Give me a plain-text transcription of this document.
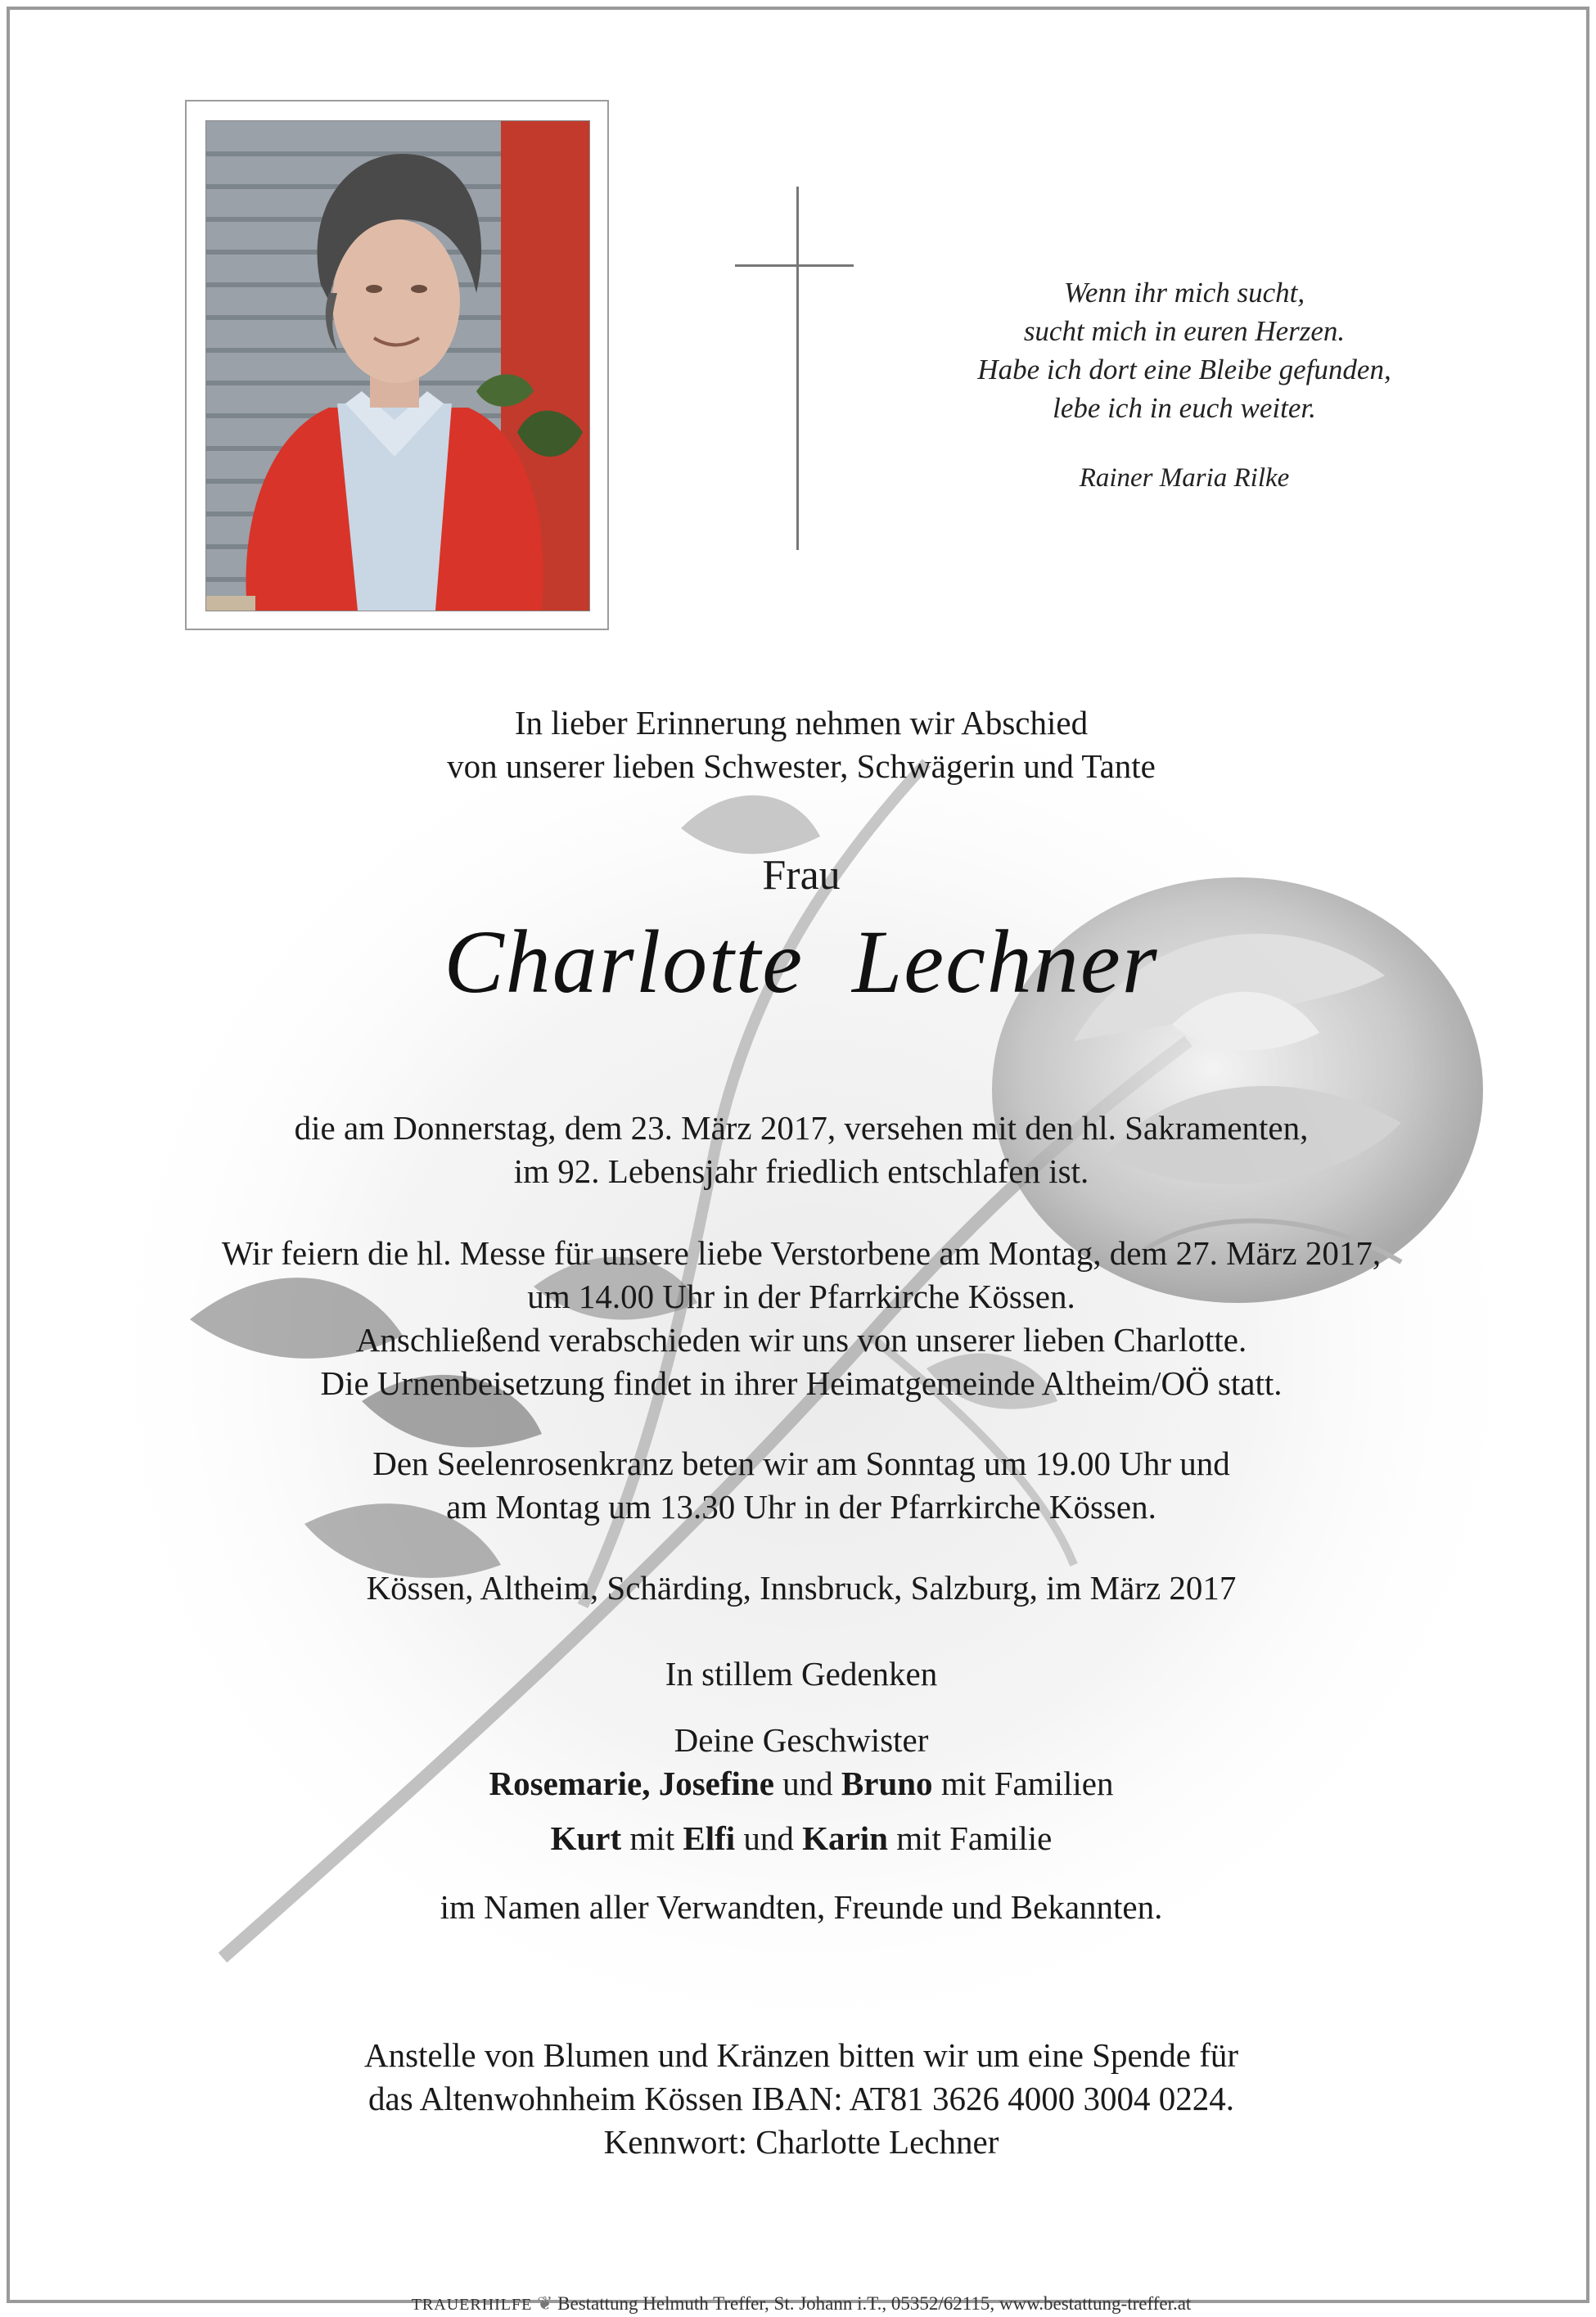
Wenn ihr mich sucht,
sucht mich in euren Herzen.
Habe ich dort eine Bleibe gefunden,
lebe ich in euch weiter.
Rainer Maria Rilke
In lieber Erinnerung nehmen wir Abschied
von unserer lieben Schwester, Schwägerin und Tante
Frau
Charlotte  Lechner
die am Donnerstag, dem 23. März 2017, versehen mit den hl. Sakramenten,
im 92. Lebensjahr friedlich entschlafen ist.
Wir feiern die hl. Messe für unsere liebe Verstorbene am Montag, dem 27. März 2017,
um 14.00 Uhr in der Pfarrkirche Kössen.
Anschließend verabschieden wir uns von unserer lieben Charlotte.
Die Urnenbeisetzung findet in ihrer Heimatgemeinde Altheim/OÖ statt.
Den Seelenrosenkranz beten wir am Sonntag um 19.00 Uhr und
am Montag um 13.30 Uhr in der Pfarrkirche Kössen.
Kössen, Altheim, Schärding, Innsbruck, Salzburg, im März 2017
In stillem Gedenken
Deine Geschwister
Rosemarie, Josefine und Bruno mit Familien
Kurt mit Elfi und Karin mit Familie
im Namen aller Verwandten, Freunde und Bekannten.
Anstelle von Blumen und Kränzen bitten wir um eine Spende für
das Altenwohnheim Kössen IBAN: AT81 3626 4000 3004 0224.
Kennwort: Charlotte Lechner
TRAUERHILFE ❦ Bestattung Helmuth Treffer, St. Johann i.T., 05352/62115, www.bestattung-treffer.at
